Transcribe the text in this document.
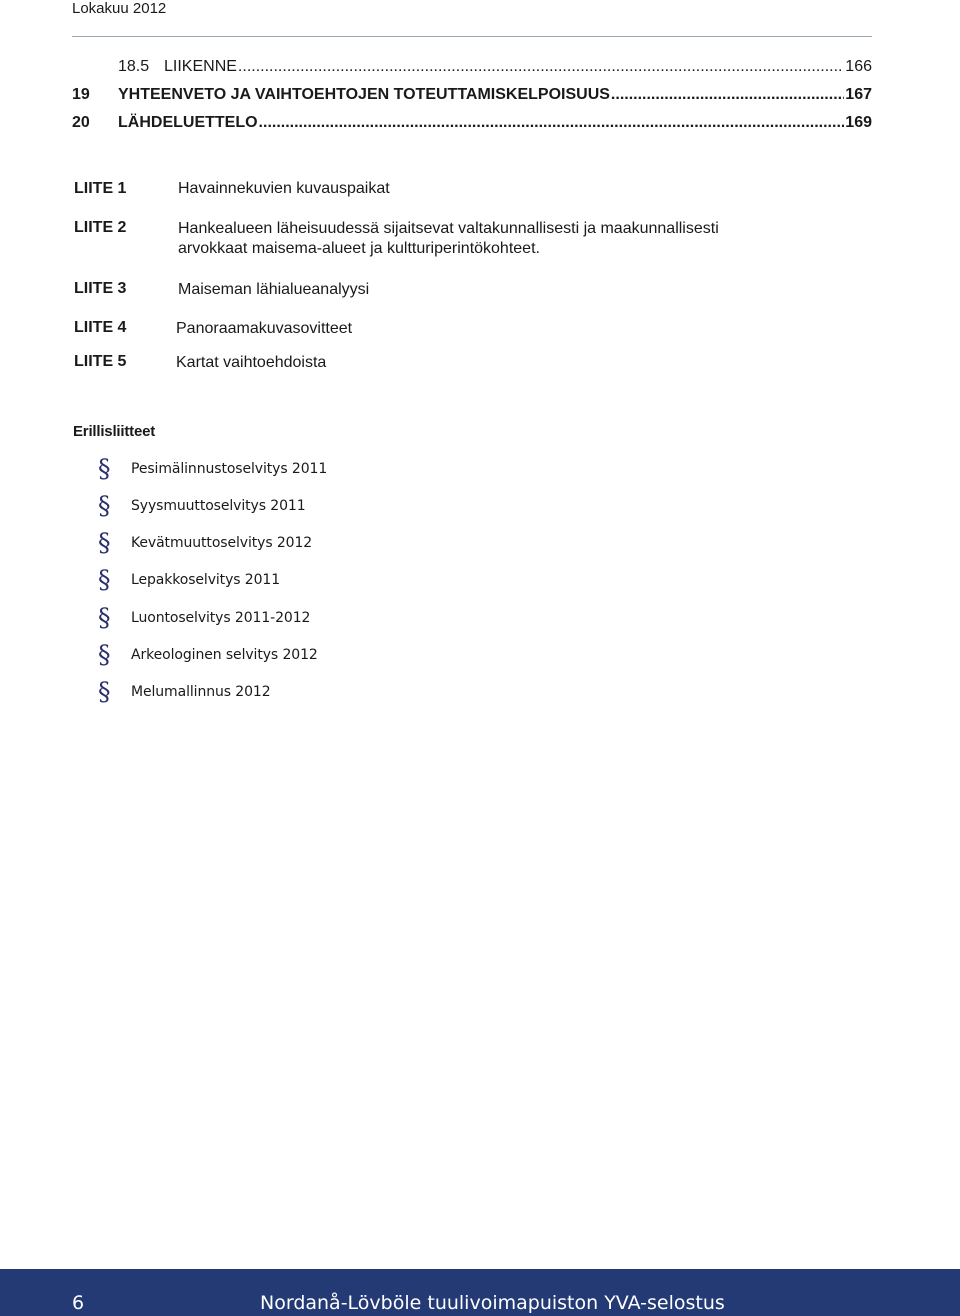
Lokakuu 2012
18.5 LIIKENNE .....	166
19	YHTEENVETO JA VAIHTOEHTOJEN TOTEUTTAMISKELPOISUUS .....	167
20	LÄHDELUETTELO .....	169
LIITE 1	Havainnekuvien kuvauspaikat
LIITE 2	Hankealueen läheisuudessä sijaitsevat valtakunnallisesti ja maakunnallisesti
arvokkaat maisema-alueet ja kultturiperintökohteet.
LIITE 3	Maiseman lähialueanalyysi
LIITE 4	Panoraamakuvasovitteet
LIITE 5	Kartat vaihtoehdoista
Erillisliitteet
§	Pesimälinnustoselvitys 2011
§	Syysmuuttoselvitys 2011
§	Kevätmuuttoselvitys 2012
§	Lepakkoselvitys 2011
§	Luontoselvitys 2011-2012
§	Arkeologinen selvitys 2012
§	Melumallinnus 2012
6	Nordanå-Lövböle tuulivoimapuiston YVA-selostus
